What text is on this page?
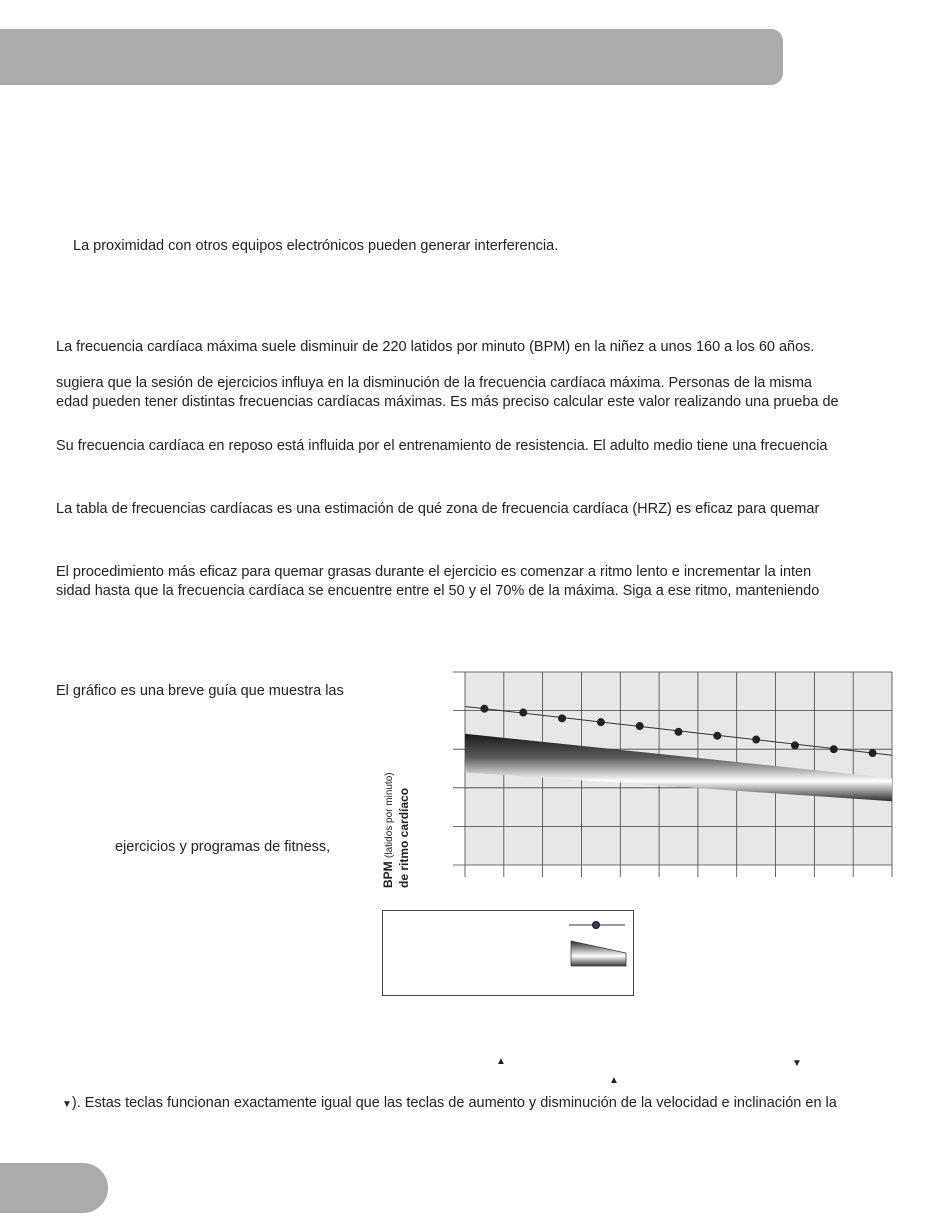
La proximidad con otros equipos electrónicos pueden generar interferencia.
La frecuencia cardíaca máxima suele disminuir de 220 latidos por minuto (BPM) en la niñez a unos 160 a los 60 años.
sugiera que la sesión de ejercicios influya en la disminución de la frecuencia cardíaca máxima. Personas de la misma
edad pueden tener distintas frecuencias cardíacas máximas. Es más preciso calcular este valor realizando una prueba de
Su frecuencia cardíaca en reposo está influida por el entrenamiento de resistencia. El adulto medio tiene una frecuencia
La tabla de frecuencias cardíacas es una estimación de qué zona de frecuencia cardíaca (HRZ) es eficaz para quemar
El procedimiento más eficaz para quemar grasas durante el ejercicio es comenzar a ritmo lento e incrementar la inten
sidad hasta que la frecuencia cardíaca se encuentre entre el 50 y el 70% de la máxima. Siga a ese ritmo, manteniendo
El gráfico es una breve guía que muestra las
ejercicios y programas de fitness,
BPM (latidos por minuto) de ritmo cardíaco
▲	▼
▲
▼). Estas teclas funcionan exactamente igual que las teclas de aumento y disminución de la velocidad e inclinación en la
